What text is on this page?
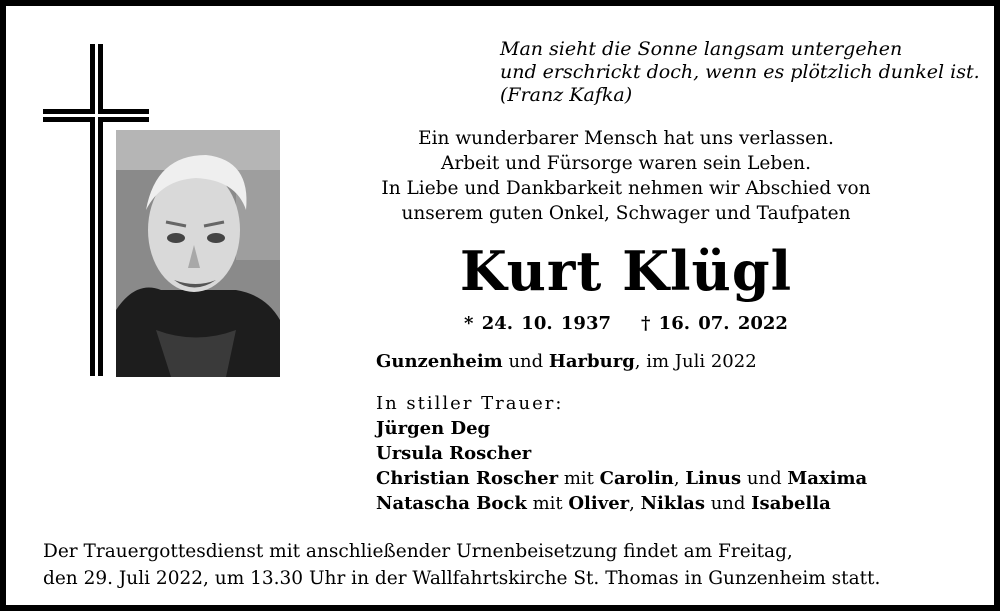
Man sieht die Sonne langsam untergehen
und erschrickt doch, wenn es plötzlich dunkel ist.
(Franz Kafka)
Ein wunderbarer Mensch hat uns verlassen.
Arbeit und Fürsorge waren sein Leben.
In Liebe und Dankbarkeit nehmen wir Abschied von
unserem guten Onkel, Schwager und Taufpaten
Kurt Klügl
* 24. 10. 1937 † 16. 07. 2022
Gunzenheim und Harburg, im Juli 2022
In stiller Trauer:
Jürgen Deg
Ursula Roscher
Christian Roscher mit Carolin, Linus und Maxima
Natascha Bock mit Oliver, Niklas und Isabella
Der Trauergottesdienst mit anschließender Urnenbeisetzung findet am Freitag,
den 29. Juli 2022, um 13.30 Uhr in der Wallfahrtskirche St. Thomas in Gunzenheim statt.
